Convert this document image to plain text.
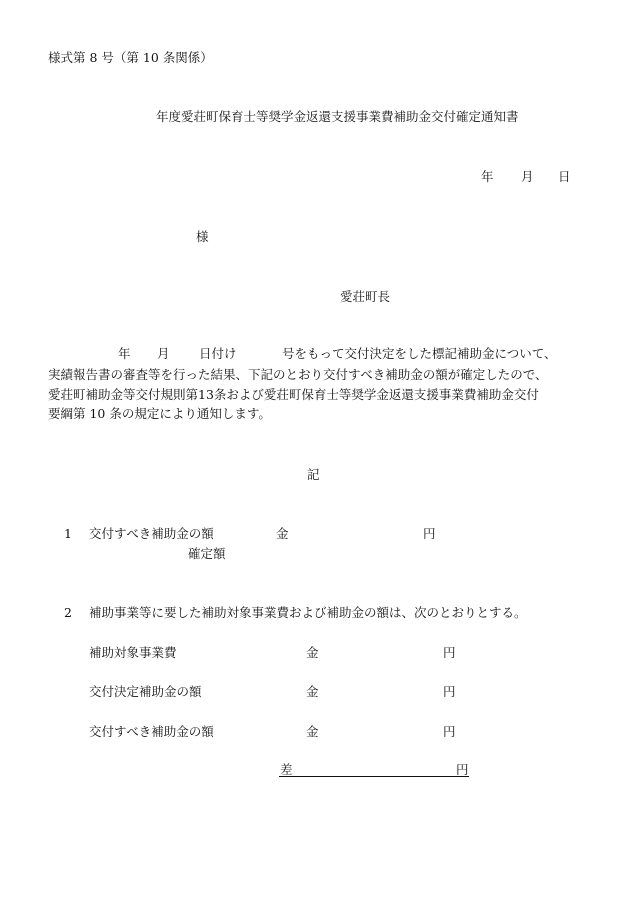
様式第 8 号（第 10 条関係）
年度愛荘町保育士等奨学金返還支援事業費補助金交付確定通知書
年 月 日
様
愛荘町長
年 月 日付け	号をもって交付決定をした標記補助金について、
実績報告書の審査等を行った結果、下記のとおり交付すべき補助金の額が確定したので、
愛荘町補助金等交付規則第13条および愛荘町保育士等奨学金返還支援事業費補助金交付
要綱第 10 条の規定により通知します。
記
1 交付すべき補助金の額	金	円
確定額
2 補助事業等に要した補助対象事業費および補助金の額は、次のとおりとする。
補助対象事業費	金	円
交付決定補助金の額	金	円
交付すべき補助金の額	金	円
差	円
